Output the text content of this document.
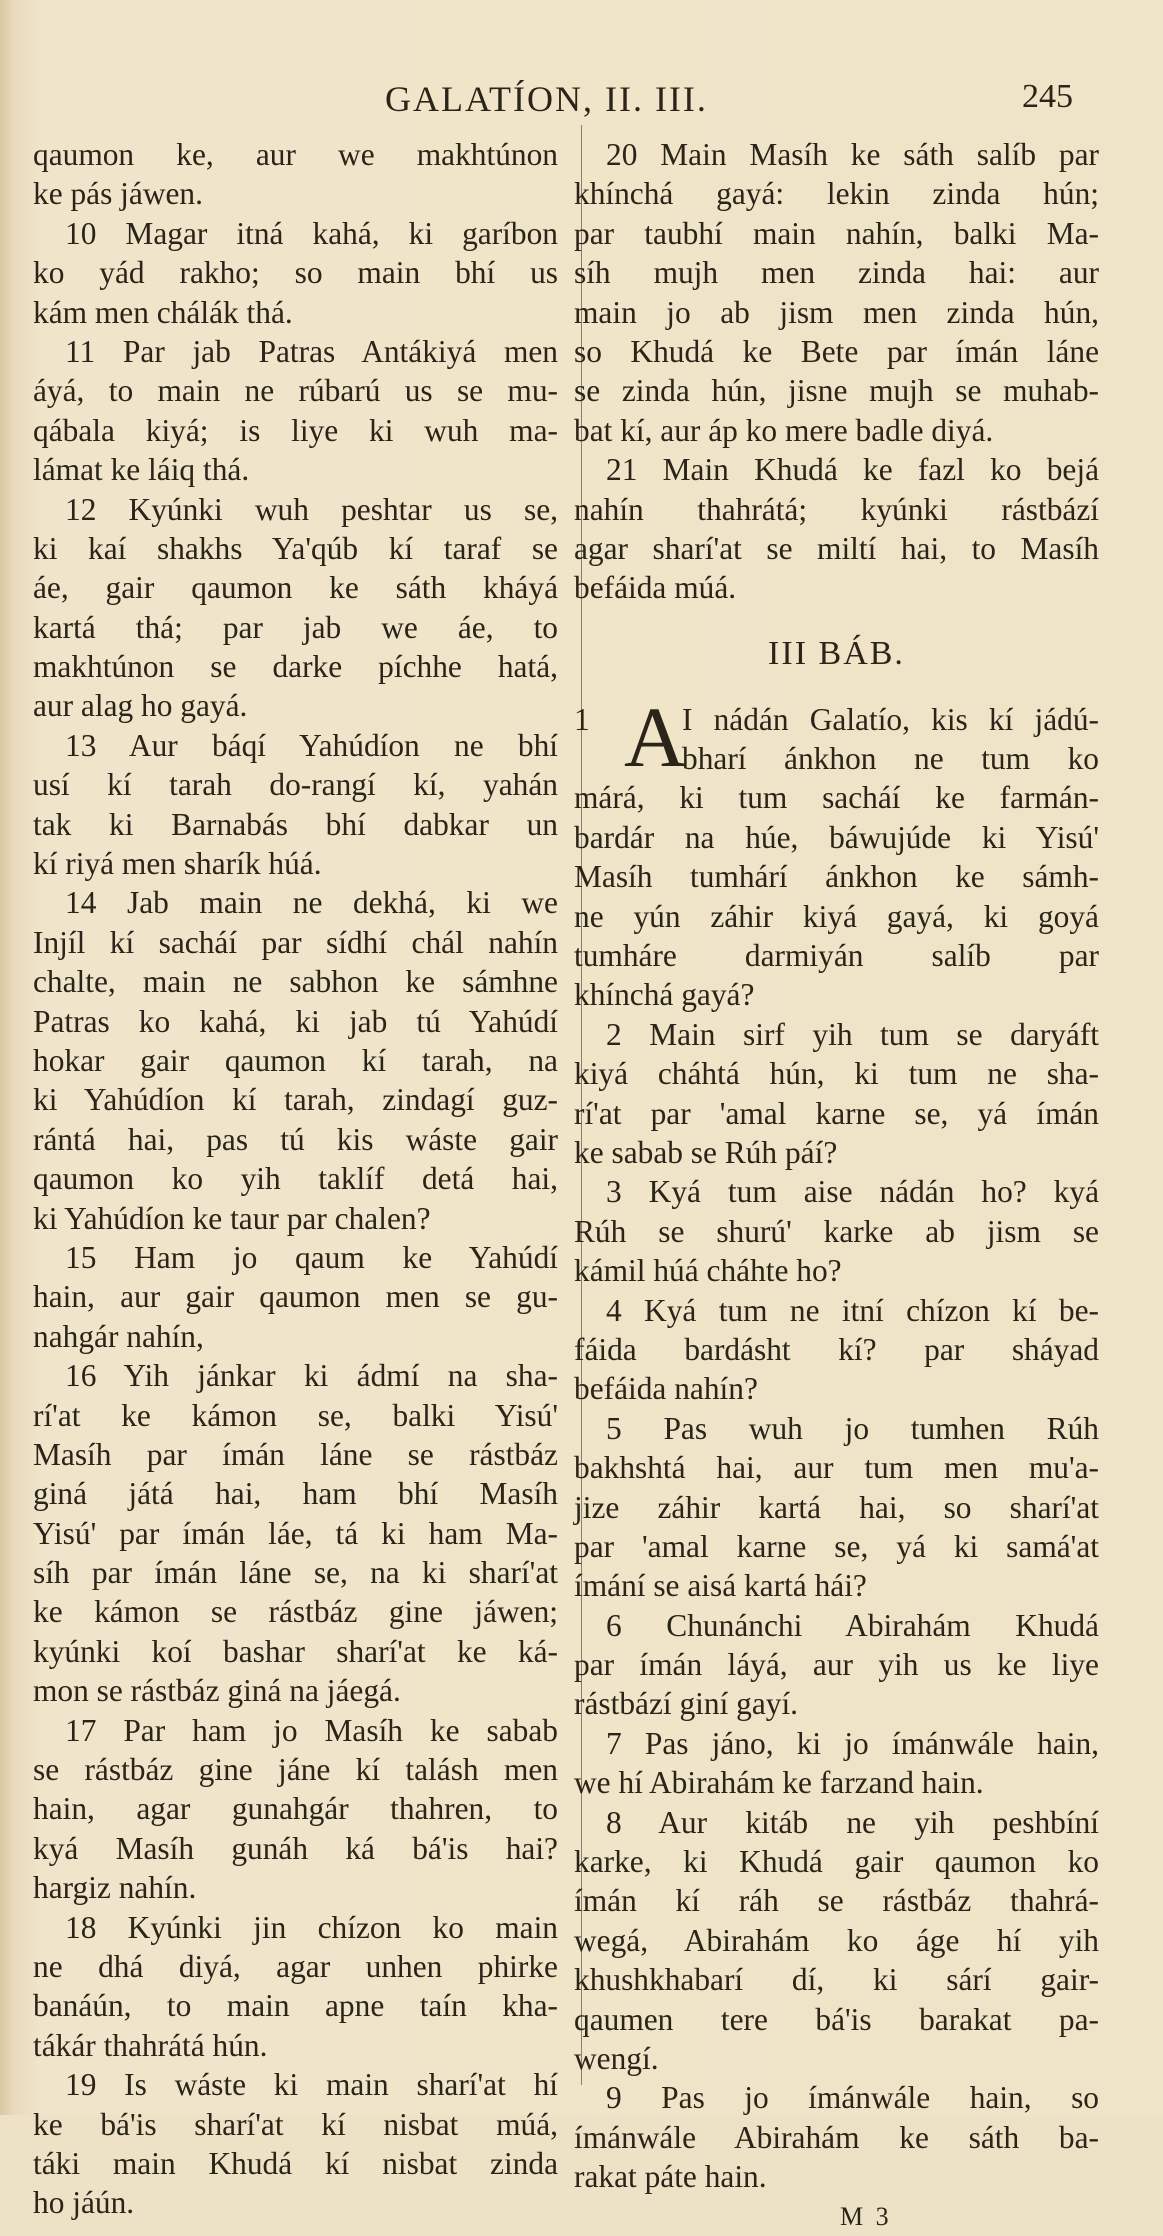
GALATÍON, II. III.	245
qaumon ke, aur we makhtúnon
ke pás jáwen.
10 Magar itná kahá, ki garíbon
ko yád rakho; so main bhí us
kám men chálák thá.
11 Par jab Patras Antákiyá men
áyá, to main ne rúbarú us se mu-
qábala kiyá; is liye ki wuh ma-
lámat ke láiq thá.
12 Kyúnki wuh peshtar us se,
ki kaí shakhs Ya'qúb kí taraf se
áe, gair qaumon ke sáth kháyá
kartá thá; par jab we áe, to
makhtúnon se darke píchhe hatá,
aur alag ho gayá.
13 Aur báqí Yahúdíon ne bhí
usí kí tarah do-rangí kí, yahán
tak ki Barnabás bhí dabkar un
kí riyá men sharík húá.
14 Jab main ne dekhá, ki we
Injíl kí sacháí par sídhí chál nahín
chalte, main ne sabhon ke sámhne
Patras ko kahá, ki jab tú Yahúdí
hokar gair qaumon kí tarah, na
ki Yahúdíon kí tarah, zindagí guz-
rántá hai, pas tú kis wáste gair
qaumon ko yih taklíf detá hai,
ki Yahúdíon ke taur par chalen?
15 Ham jo qaum ke Yahúdí
hain, aur gair qaumon men se gu-
nahgár nahín,
16 Yih jánkar ki ádmí na sha-
rí'at ke kámon se, balki Yisú'
Masíh par ímán láne se rástbáz
giná játá hai, ham bhí Masíh
Yisú' par ímán láe, tá ki ham Ma-
síh par ímán láne se, na ki sharí'at
ke kámon se rástbáz gine jáwen;
kyúnki koí bashar sharí'at ke ká-
mon se rástbáz giná na jáegá.
17 Par ham jo Masíh ke sabab
se rástbáz gine jáne kí talásh men
hain, agar gunahgár thahren, to
kyá Masíh gunáh ká bá'is hai?
hargiz nahín.
18 Kyúnki jin chízon ko main
ne dhá diyá, agar unhen phirke
banáún, to main apne taín kha-
tákár thahrátá hún.
19 Is wáste ki main sharí'at hí
ke bá'is sharí'at kí nisbat múá,
táki main Khudá kí nisbat zinda
ho jáún.
20 Main Masíh ke sáth salíb par
khínchá gayá: lekin zinda hún;
par taubhí main nahín, balki Ma-
síh mujh men zinda hai: aur
main jo ab jism men zinda hún,
so Khudá ke Bete par ímán láne
se zinda hún, jisne mujh se muhab-
bat kí, aur áp ko mere badle diyá.
21 Main Khudá ke fazl ko bejá
nahín thahrátá; kyúnki rástbází
agar sharí'at se miltí hai, to Masíh
befáida múá.
III BÁB.
1 A
I nádán Galatío, kis kí jádú-
bharí ánkhon ne tum ko
márá, ki tum sacháí ke farmán-
bardár na húe, báwujúde ki Yisú'
Masíh tumhárí ánkhon ke sámh-
ne yún záhir kiyá gayá, ki goyá
tumháre darmiyán salíb par
khínchá gayá?
2 Main sirf yih tum se daryáft
kiyá cháhtá hún, ki tum ne sha-
rí'at par 'amal karne se, yá ímán
ke sabab se Rúh páí?
3 Kyá tum aise nádán ho? kyá
Rúh se shurú' karke ab jism se
kámil húá cháhte ho?
4 Kyá tum ne itní chízon kí be-
fáida bardásht kí? par sháyad
befáida nahín?
5 Pas wuh jo tumhen Rúh
bakhshtá hai, aur tum men mu'a-
jize záhir kartá hai, so sharí'at
par 'amal karne se, yá ki samá'at
ímání se aisá kartá hái?
6 Chunánchi Abirahám Khudá
par ímán láyá, aur yih us ke liye
rástbází giní gayí.
7 Pas jáno, ki jo ímánwále hain,
we hí Abirahám ke farzand hain.
8 Aur kitáb ne yih peshbíní
karke, ki Khudá gair qaumon ko
ímán kí ráh se rástbáz thahrá-
wegá, Abirahám ko áge hí yih
khushkhabarí dí, ki sárí gair-
qaumen tere bá'is barakat pa-
wengí.
9 Pas jo ímánwále hain, so
ímánwále Abirahám ke sáth ba-
rakat páte hain.
M 3
